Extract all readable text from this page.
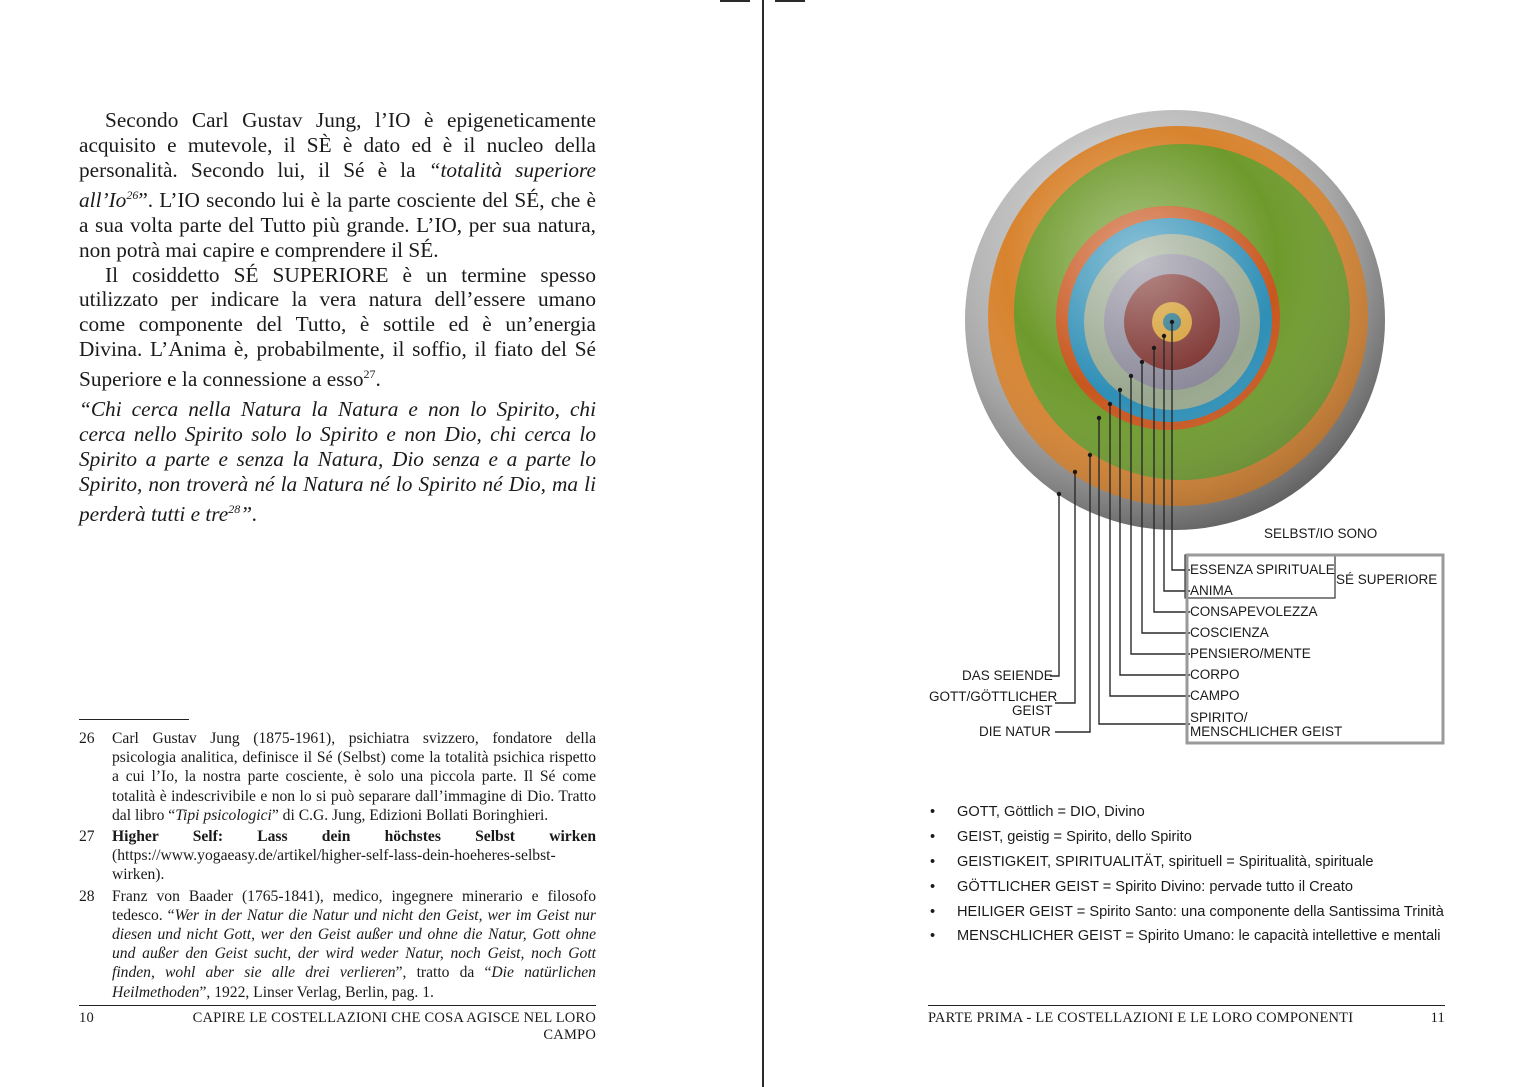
Secondo Carl Gustav Jung, l’IO è epigeneticamente acquisito e mutevole, il SÈ è dato ed è il nucleo della personalità. Secondo lui, il Sé è la “totalità superiore all’Io$^{26}$”. L’IO secondo lui è la parte cosciente del SÉ, che è a sua volta parte del Tutto più grande. L’IO, per sua natura, non potrà mai capire e comprendere il SÉ.

Il cosiddetto SÉ SUPERIORE è un termine spesso utilizzato per indicare la vera natura dell’essere umano come componente del Tutto, è sottile ed è un’energia Divina. L’Anima è, probabilmente, il soffio, il fiato del Sé Superiore e la connessione a esso$^{27}$.

“Chi cerca nella Natura la Natura e non lo Spirito, chi cerca nello Spirito solo lo Spirito e non Dio, chi cerca lo Spirito a parte e senza la Natura, Dio senza e a parte lo Spirito, non troverà né la Natura né lo Spirito né Dio, ma li perderà tutti e tre$^{28}$”.
26	Carl Gustav Jung (1875-1961), psichiatra svizzero, fondatore della psicologia analitica, definisce il Sé (Selbst) come la totalità psichica rispetto a cui l’Io, la nostra parte cosciente, è solo una piccola parte. Il Sé come totalità è indescrivibile e non lo si può separare dall’immagine di Dio. Tratto dal libro “Tipi psicologici” di C.G. Jung, Edizioni Bollati Boringhieri.
27	Higher Self: Lass dein höchstes Selbst wirken (https://www.yogaeasy.de/artikel/higher-self-lass-dein-hoeheres-selbst-wirken).
28	Franz von Baader (1765-1841), medico, ingegnere minerario e filosofo tedesco. “Wer in der Natur die Natur und nicht den Geist, wer im Geist nur diesen und nicht Gott, wer den Geist außer und ohne die Natur, Gott ohne und außer den Geist sucht, der wird weder Natur, noch Geist, noch Gott finden, wohl aber sie alle drei verlieren”, tratto da “Die natürlichen Heilmethoden”, 1922, Linser Verlag, Berlin, pag. 1.
10	CAPIRE LE COSTELLAZIONI CHE COSA AGISCE NEL LORO CAMPO
SELBST/IO SONO
SÉ SUPERIORE
ESSENZA SPIRITUALE
ANIMA
CONSAPEVOLEZZA
COSCIENZA
PENSIERO/MENTE
CORPO
CAMPO
SPIRITO/
MENSCHLICHER GEIST
DAS SEIENDE
GOTT/GÖTTLICHER
GEIST
DIE NATUR
•	GOTT, Göttlich = DIO, Divino
•	GEIST, geistig = Spirito, dello Spirito
•	GEISTIGKEIT, SPIRITUALITÄT, spirituell = Spiritualità, spirituale
•	GÖTTLICHER GEIST = Spirito Divino: pervade tutto il Creato
•	HEILIGER GEIST = Spirito Santo: una componente della Santissima Trinità
•	MENSCHLICHER GEIST = Spirito Umano: le capacità intellettive e mentali
PARTE PRIMA - LE COSTELLAZIONI E LE LORO COMPONENTI	11
